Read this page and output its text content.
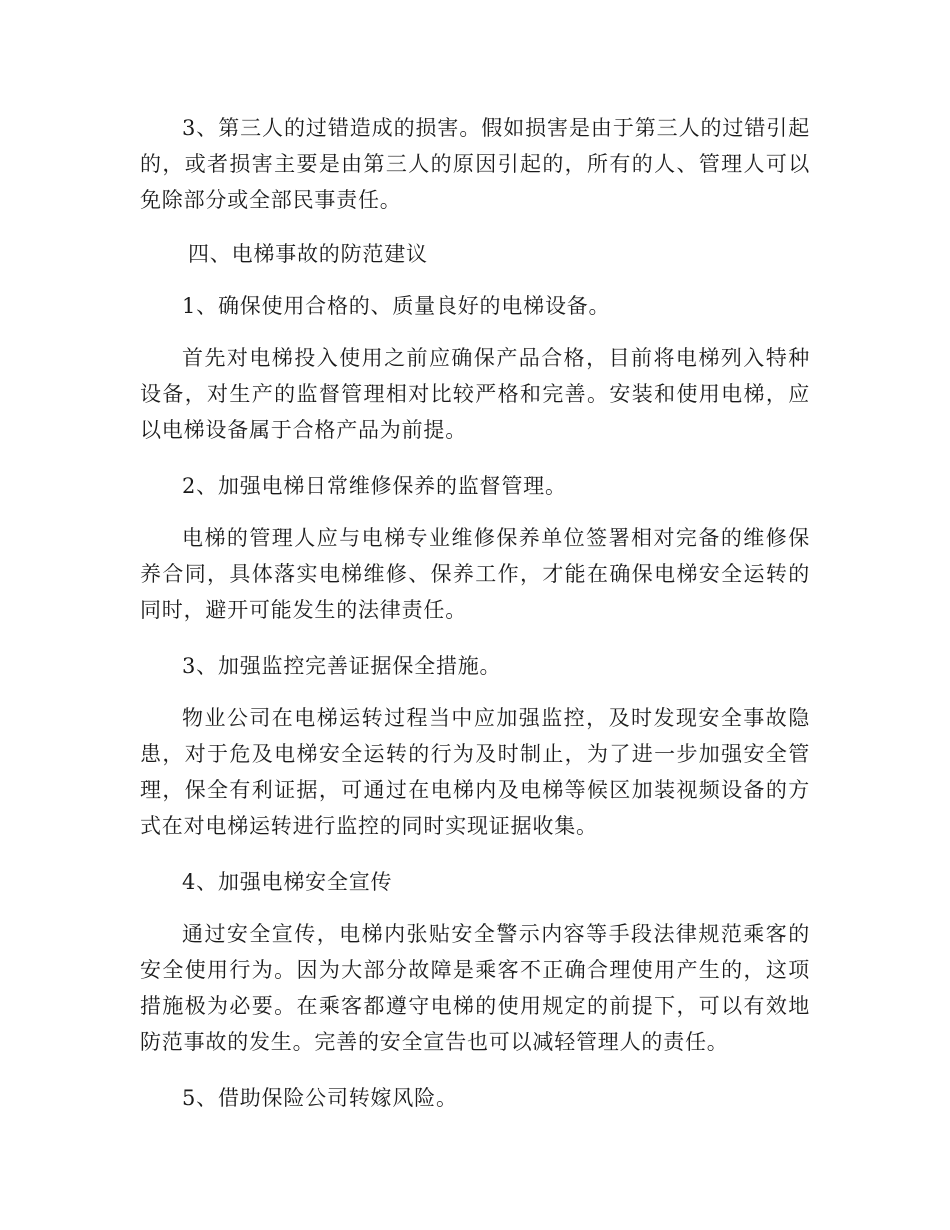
3、第三人的过错造成的损害。假如损害是由于第三人的过错引起的，或者损害主要是由第三人的原因引起的，所有的人、管理人可以免除部分或全部民事责任。

四、电梯事故的防范建议

1、确保使用合格的、质量良好的电梯设备。

首先对电梯投入使用之前应确保产品合格，目前将电梯列入特种设备，对生产的监督管理相对比较严格和完善。安装和使用电梯，应以电梯设备属于合格产品为前提。

2、加强电梯日常维修保养的监督管理。

电梯的管理人应与电梯专业维修保养单位签署相对完备的维修保养合同，具体落实电梯维修、保养工作，才能在确保电梯安全运转的同时，避开可能发生的法律责任。

3、加强监控完善证据保全措施。

物业公司在电梯运转过程当中应加强监控，及时发现安全事故隐患，对于危及电梯安全运转的行为及时制止，为了进一步加强安全管理，保全有利证据，可通过在电梯内及电梯等候区加装视频设备的方式在对电梯运转进行监控的同时实现证据收集。

4、加强电梯安全宣传

通过安全宣传，电梯内张贴安全警示内容等手段法律规范乘客的安全使用行为。因为大部分故障是乘客不正确合理使用产生的，这项措施极为必要。在乘客都遵守电梯的使用规定的前提下，可以有效地防范事故的发生。完善的安全宣告也可以减轻管理人的责任。

5、借助保险公司转嫁风险。
